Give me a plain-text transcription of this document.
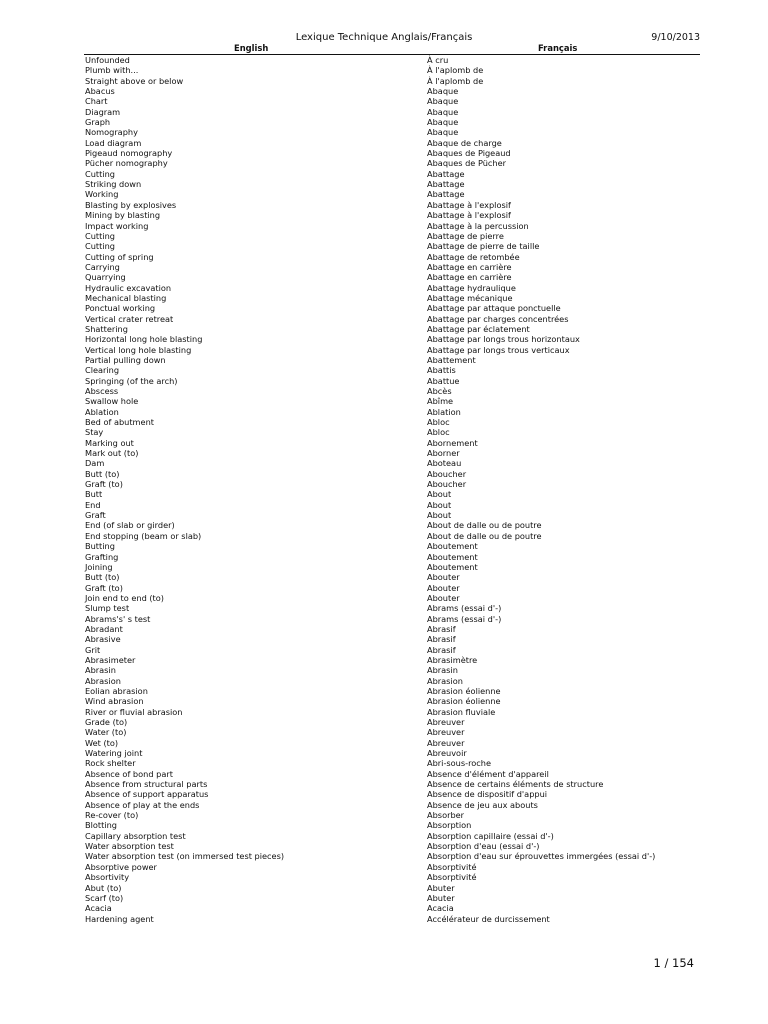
Lexique Technique Anglais/Français	9/10/2013
English	Français
Unfounded	À cru
Plumb with...	À l'aplomb de
Straight above or below	À l'aplomb de
Abacus	Abaque
Chart	Abaque
Diagram	Abaque
Graph	Abaque
Nomography	Abaque
Load diagram	Abaque de charge
Pigeaud nomography	Abaques de Pigeaud
Pücher nomography	Abaques de Pücher
Cutting	Abattage
Striking down	Abattage
Working	Abattage
Blasting by explosives	Abattage à l'explosif
Mining by blasting	Abattage à l'explosif
Impact working	Abattage à la percussion
Cutting	Abattage de pierre
Cutting	Abattage de pierre de taille
Cutting of spring	Abattage de retombée
Carrying	Abattage en carrière
Quarrying	Abattage en carrière
Hydraulic excavation	Abattage hydraulique
Mechanical blasting	Abattage mécanique
Ponctual working	Abattage par attaque ponctuelle
Vertical crater retreat	Abattage par charges concentrées
Shattering	Abattage par éclatement
Horizontal long hole blasting	Abattage par longs trous horizontaux
Vertical long hole blasting	Abattage par longs trous verticaux
Partial pulling down	Abattement
Clearing	Abattis
Springing (of the arch)	Abattue
Abscess	Abcès
Swallow hole	Abîme
Ablation	Ablation
Bed of abutment	Abloc
Stay	Abloc
Marking out	Abornement
Mark out (to)	Aborner
Dam	Aboteau
Butt (to)	Aboucher
Graft (to)	Aboucher
Butt	About
End	About
Graft	About
End (of slab or girder)	About de dalle ou de poutre
End stopping (beam or slab)	About de dalle ou de poutre
Butting	Aboutement
Grafting	Aboutement
Joining	Aboutement
Butt (to)	Abouter
Graft (to)	Abouter
Join end to end (to)	Abouter
Slump test	Abrams (essai d'-)
Abrams's' s test	Abrams (essai d'-)
Abradant	Abrasif
Abrasive	Abrasif
Grit	Abrasif
Abrasimeter	Abrasimètre
Abrasin	Abrasin
Abrasion	Abrasion
Eolian abrasion	Abrasion éolienne
Wind abrasion	Abrasion éolienne
River or fluvial abrasion	Abrasion fluviale
Grade (to)	Abreuver
Water (to)	Abreuver
Wet (to)	Abreuver
Watering joint	Abreuvoir
Rock shelter	Abri-sous-roche
Absence of bond part	Absence d'élément d'appareil
Absence from structural parts	Absence de certains éléments de structure
Absence of support apparatus	Absence de dispositif d'appui
Absence of play at the ends	Absence de jeu aux abouts
Re-cover (to)	Absorber
Blotting	Absorption
Capillary absorption test	Absorption capillaire (essai d'-)
Water absorption test	Absorption d'eau (essai d'-)
Water absorption test (on immersed test pieces)	Absorption d'eau sur éprouvettes immergées (essai d'-)
Absorptive power	Absorptivité
Absortivity	Absorptivité
Abut (to)	Abuter
Scarf (to)	Abuter
Acacia	Acacia
Hardening agent	Accélérateur de durcissement
1 / 154
